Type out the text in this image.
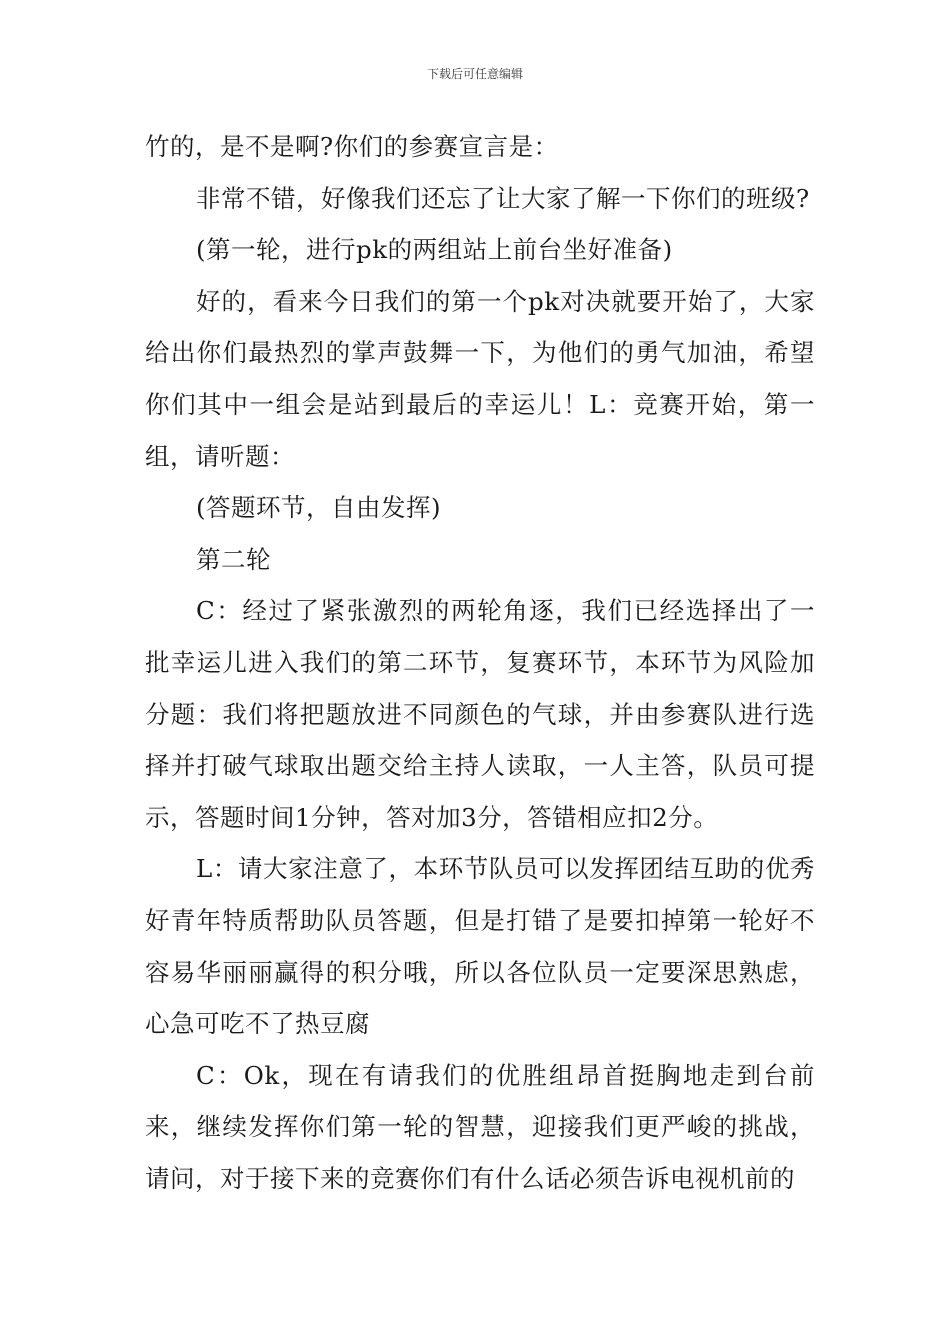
下载后可任意编辑

竹的，是不是啊?你们的参赛宣言是：

非常不错，好像我们还忘了让大家了解一下你们的班级?

(第一轮，进行pk的两组站上前台坐好准备)

好的，看来今日我们的第一个pk对决就要开始了，大家给出你们最热烈的掌声鼓舞一下，为他们的勇气加油，希望你们其中一组会是站到最后的幸运儿！L：竞赛开始，第一组，请听题：

(答题环节，自由发挥)

第二轮

C：经过了紧张激烈的两轮角逐，我们已经选择出了一批幸运儿进入我们的第二环节，复赛环节，本环节为风险加分题：我们将把题放进不同颜色的气球，并由参赛队进行选择并打破气球取出题交给主持人读取，一人主答，队员可提示，答题时间1分钟，答对加3分，答错相应扣2分。

L：请大家注意了，本环节队员可以发挥团结互助的优秀好青年特质帮助队员答题，但是打错了是要扣掉第一轮好不容易华丽丽赢得的积分哦，所以各位队员一定要深思熟虑，心急可吃不了热豆腐

C：Ok，现在有请我们的优胜组昂首挺胸地走到台前来，继续发挥你们第一轮的智慧，迎接我们更严峻的挑战，请问，对于接下来的竞赛你们有什么话必须告诉电视机前的
